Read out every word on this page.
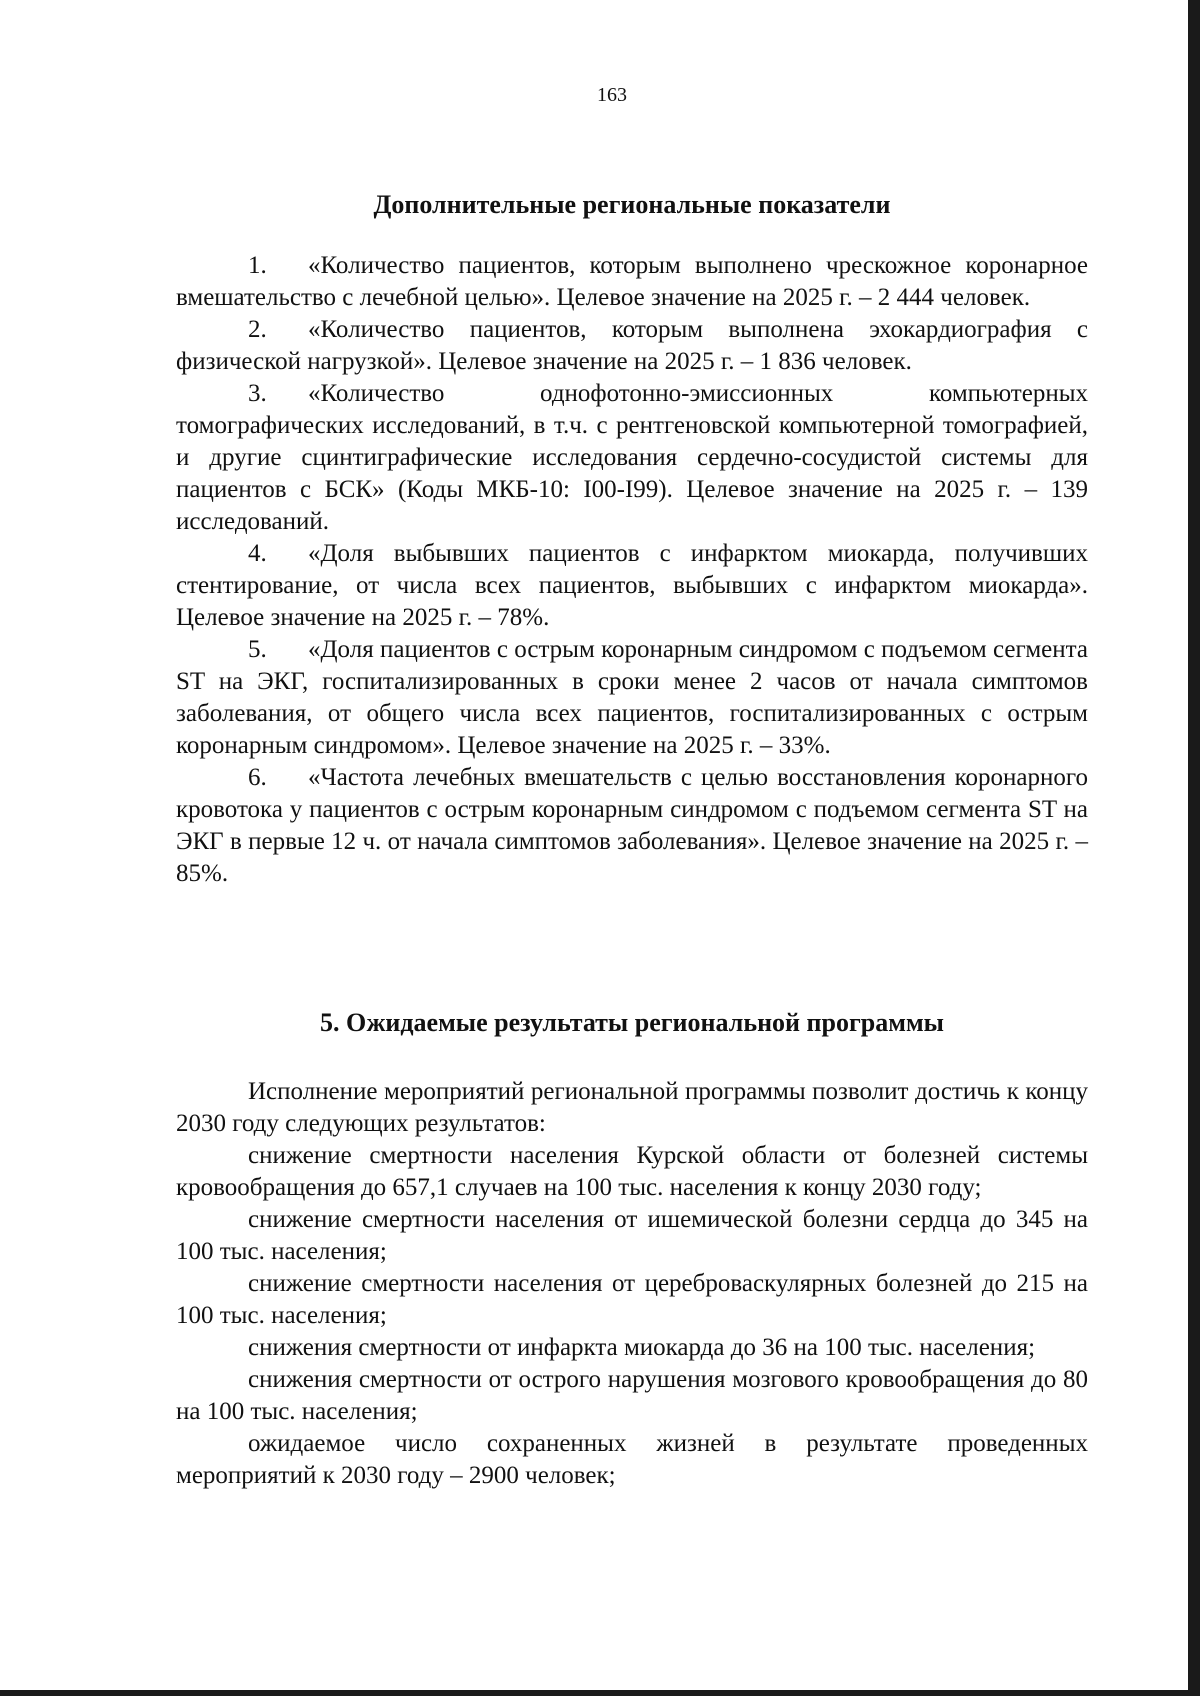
163
Дополнительные региональные показатели

1. «Количество пациентов, которым выполнено чрескожное коронарное вмешательство с лечебной целью». Целевое значение на 2025 г. – 2 444 человек.

2. «Количество пациентов, которым выполнена эхокардиография с физической нагрузкой». Целевое значение на 2025 г. – 1 836 человек.

3. «Количество однофотонно-эмиссионных компьютерных томографических исследований, в т.ч. с рентгеновской компьютерной томографией, и другие сцинтиграфические исследования сердечно-сосудистой системы для пациентов с БСК» (Коды МКБ-10: I00-I99). Целевое значение на 2025 г. – 139 исследований.

4. «Доля выбывших пациентов с инфарктом миокарда, получивших стентирование, от числа всех пациентов, выбывших с инфарктом миокарда». Целевое значение на 2025 г. – 78%.

5. «Доля пациентов с острым коронарным синдромом с подъемом сегмента ST на ЭКГ, госпитализированных в сроки менее 2 часов от начала симптомов заболевания, от общего числа всех пациентов, госпитализированных с острым коронарным синдромом». Целевое значение на 2025 г. – 33%.

6. «Частота лечебных вмешательств с целью восстановления коронарного кровотока у пациентов с острым коронарным синдромом с подъемом сегмента ST на ЭКГ в первые 12 ч. от начала симптомов заболевания». Целевое значение на 2025 г. – 85%.

5. Ожидаемые результаты региональной программы

Исполнение мероприятий региональной программы позволит достичь к концу 2030 году следующих результатов:

снижение смертности населения Курской области от болезней системы кровообращения до 657,1 случаев на 100 тыс. населения к концу 2030 году;

снижение смертности населения от ишемической болезни сердца до 345 на 100 тыс. населения;

снижение смертности населения от цереброваскулярных болезней до 215 на 100 тыс. населения;

снижения смертности от инфаркта миокарда до 36 на 100 тыс. населения;

снижения смертности от острого нарушения мозгового кровообращения до 80 на 100 тыс. населения;

ожидаемое число сохраненных жизней в результате проведенных мероприятий к 2030 году – 2900 человек;
